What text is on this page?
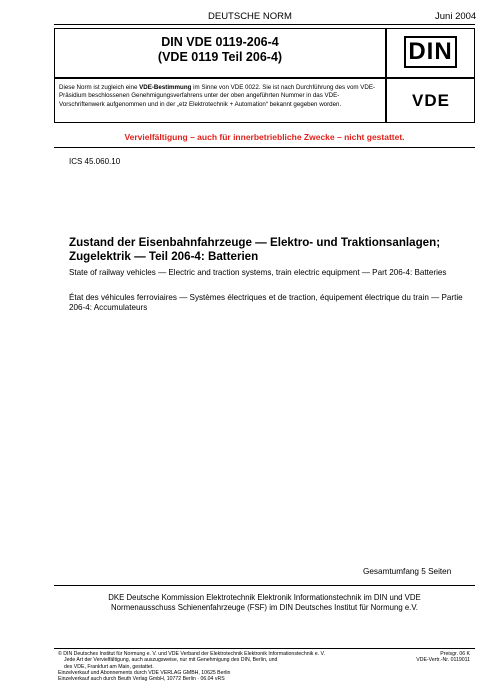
DEUTSCHE NORM	Juni 2004
DIN VDE 0119-206-4
(VDE 0119 Teil 206-4)	DIN
Diese Norm ist zugleich eine VDE-Bestimmung im Sinne von VDE 0022. Sie ist nach Durchführung des vom VDE-Präsidium beschlossenen Genehmigungsverfahrens unter der oben angeführten Nummer in das VDE-Vorschriftenwerk aufgenommen und in der „etz Elektrotechnik + Automation“ bekannt gegeben worden.	VDE
Vervielfältigung – auch für innerbetriebliche Zwecke – nicht gestattet.
ICS 45.060.10
Zustand der Eisenbahnfahrzeuge — Elektro- und Traktionsanlagen; Zugelektrik — Teil 206-4: Batterien
State of railway vehicles — Electric and traction systems, train electric equipment — Part 206-4: Batteries
État des véhicules ferroviaires — Systèmes électriques et de traction, équipement électrique du train — Partie 206-4: Accumulateurs
Gesamtumfang 5 Seiten
DKE Deutsche Kommission Elektrotechnik Elektronik Informationstechnik im DIN und VDE
Normenausschuss Schienenfahrzeuge (FSF) im DIN Deutsches Institut für Normung e.V.
© DIN Deutsches Institut für Normung e. V. und VDE Verband der Elektrotechnik Elektronik Informationstechnik e. V.
Jede Art der Vervielfältigung, auch auszugsweise, nur mit Genehmigung des DIN, Berlin, und
des VDE, Frankfurt am Main, gestattet.
Einzelverkauf und Abonnements durch VDE VERLAG GMBH, 10625 Berlin
Einzelverkauf auch durch Beuth Verlag GmbH, 10772 Berlin · 06.04 vRS
Preisgr. 06 K
VDE-Vertr.-Nr. 0119011
